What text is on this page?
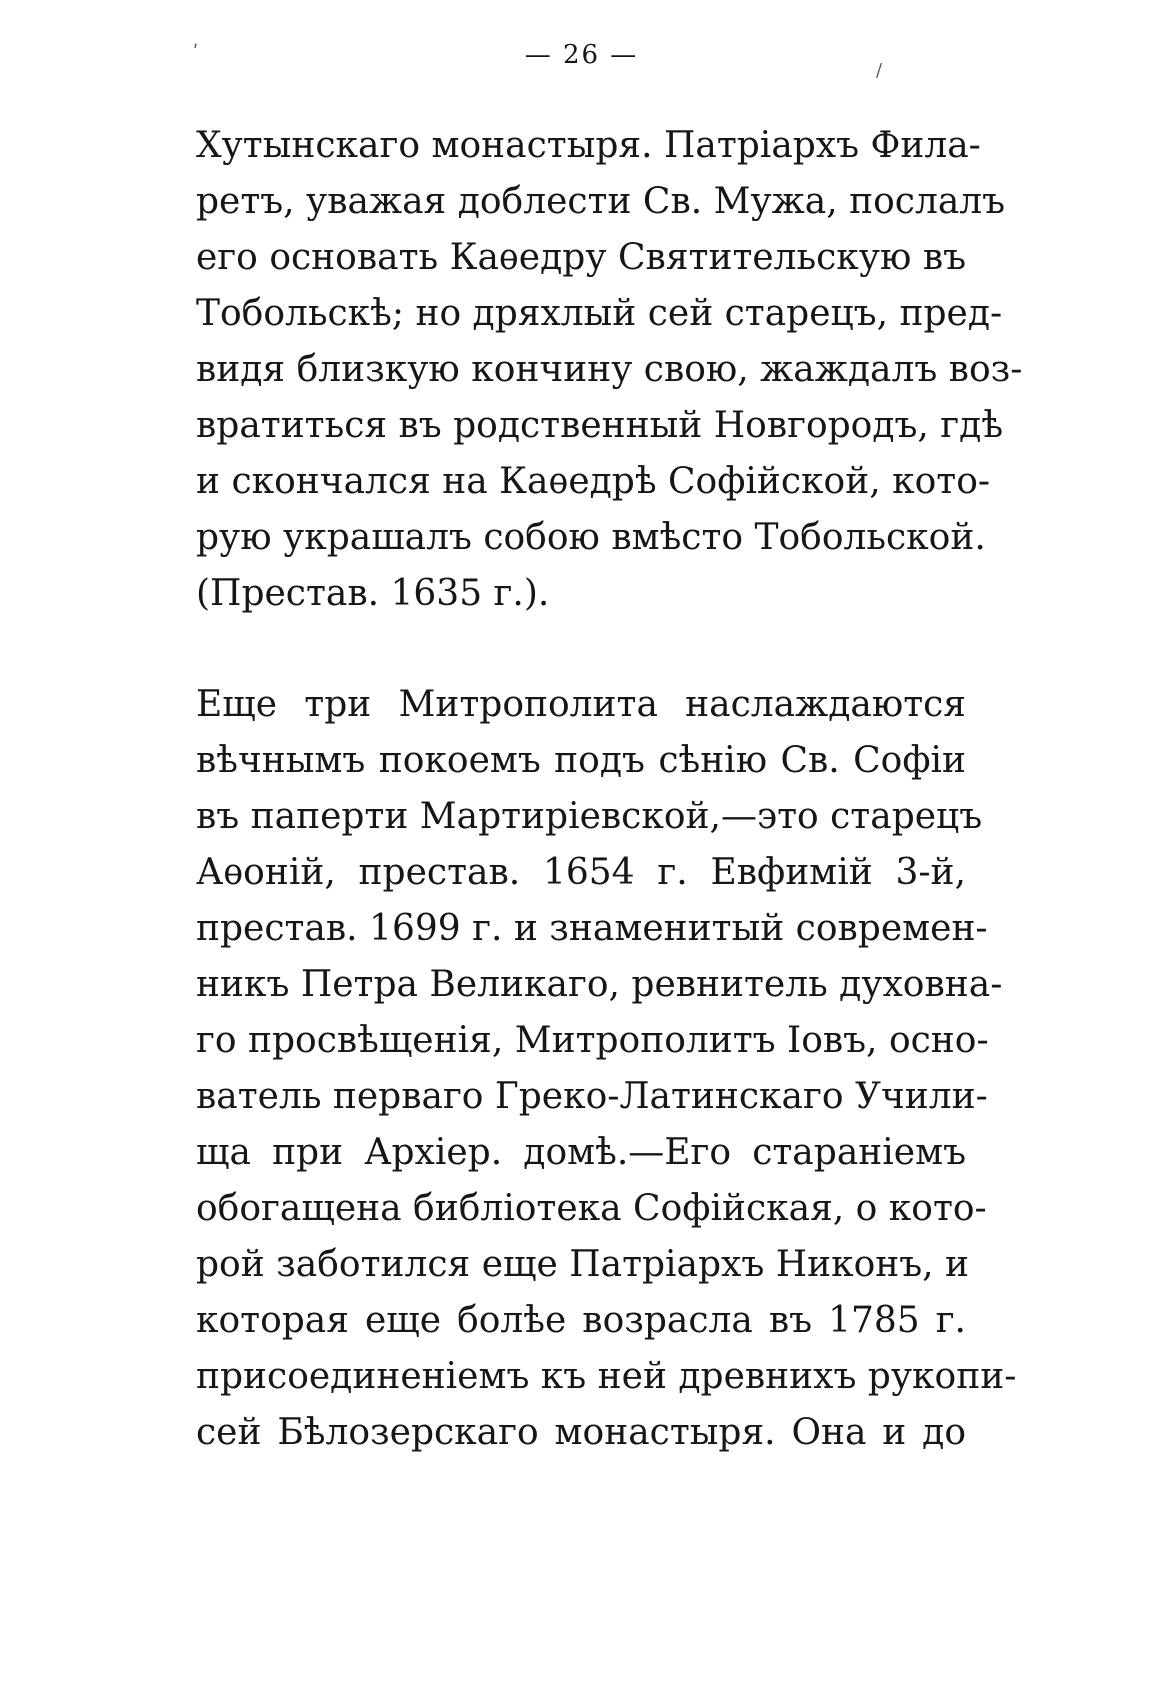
ʹ
/
— 26 —
Хутынскаго монастыря. Патріархъ Фила-
ретъ, уважая доблести Св. Мужа, послалъ
его основать Каѳедру Святительскую въ
Тобольскѣ; но дряхлый сей старецъ, пред-
видя близкую кончину свою, жаждалъ воз-
вратиться въ родственный Новгородъ, гдѣ
и скончался на Каѳедрѣ Софійской, кото-
рую украшалъ собою вмѣсто Тобольской.
(Престав. 1635 г.).
Еще три Митрополита наслаждаются
вѣчнымъ покоемъ подъ сѣнію Св. Софіи
въ паперти Мартиріевской,—это старецъ
Аѳоній, престав. 1654 г. Евфимій 3-й,
престав. 1699 г. и знаменитый современ-
никъ Петра Великаго, ревнитель духовна-
го просвѣщенія, Митрополитъ Іовъ, осно-
ватель перваго Греко-Латинскаго Учили-
ща при Архіер. домѣ.—Его стараніемъ
обогащена библіотека Софійская, о кото-
рой заботился еще Патріархъ Никонъ, и
которая еще болѣе возрасла въ 1785 г.
присоединеніемъ къ ней древнихъ рукопи-
сей Бѣлозерскаго монастыря. Она и до
